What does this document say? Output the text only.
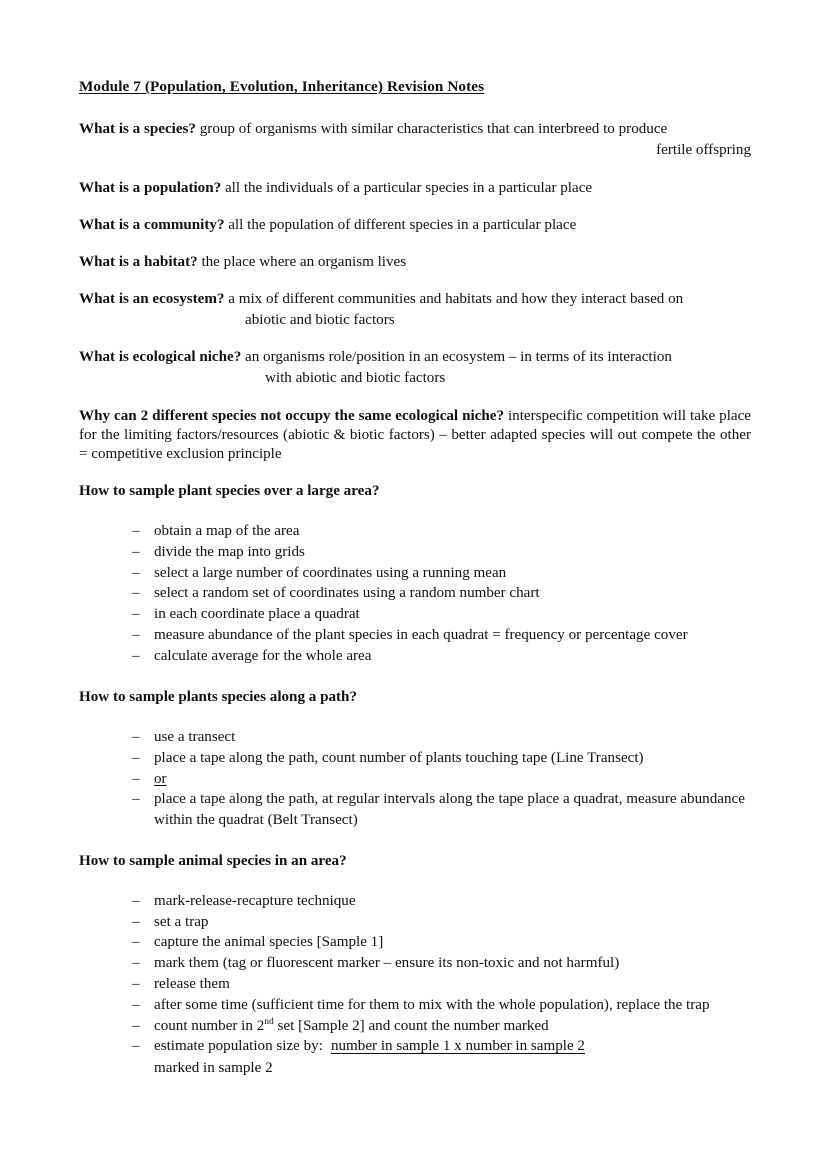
Module 7 (Population, Evolution, Inheritance) Revision Notes

What is a species? group of organisms with similar characteristics that can interbreed to produce
fertile offspring

What is a population? all the individuals of a particular species in a particular place

What is a community? all the population of different species in a particular place

What is a habitat? the place where an organism lives

What is an ecosystem? a mix of different communities and habitats and how they interact based on
abiotic and biotic factors

What is ecological niche? an organisms role/position in an ecosystem – in terms of its interaction
with abiotic and biotic factors

Why can 2 different species not occupy the same ecological niche? interspecific competition will take place for the limiting factors/resources (abiotic & biotic factors) – better adapted species will out compete the other = competitive exclusion principle

How to sample plant species over a large area?
– obtain a map of the area
– divide the map into grids
– select a large number of coordinates using a running mean
– select a random set of coordinates using a random number chart
– in each coordinate place a quadrat
– measure abundance of the plant species in each quadrat = frequency or percentage cover
– calculate average for the whole area
How to sample plants species along a path?
– use a transect
– place a tape along the path, count number of plants touching tape (Line Transect)
– or
– place a tape along the path, at regular intervals along the tape place a quadrat, measure abundance within the quadrat (Belt Transect)
How to sample animal species in an area?
– mark-release-recapture technique
– set a trap
– capture the animal species [Sample 1]
– mark them (tag or fluorescent marker – ensure its non-toxic and not harmful)
– release them
– after some time (sufficient time for them to mix with the whole population), replace the trap
– count number in 2nd set [Sample 2] and count the number marked
– estimate population size by: number in sample 1 x number in sample 2
marked in sample 2
